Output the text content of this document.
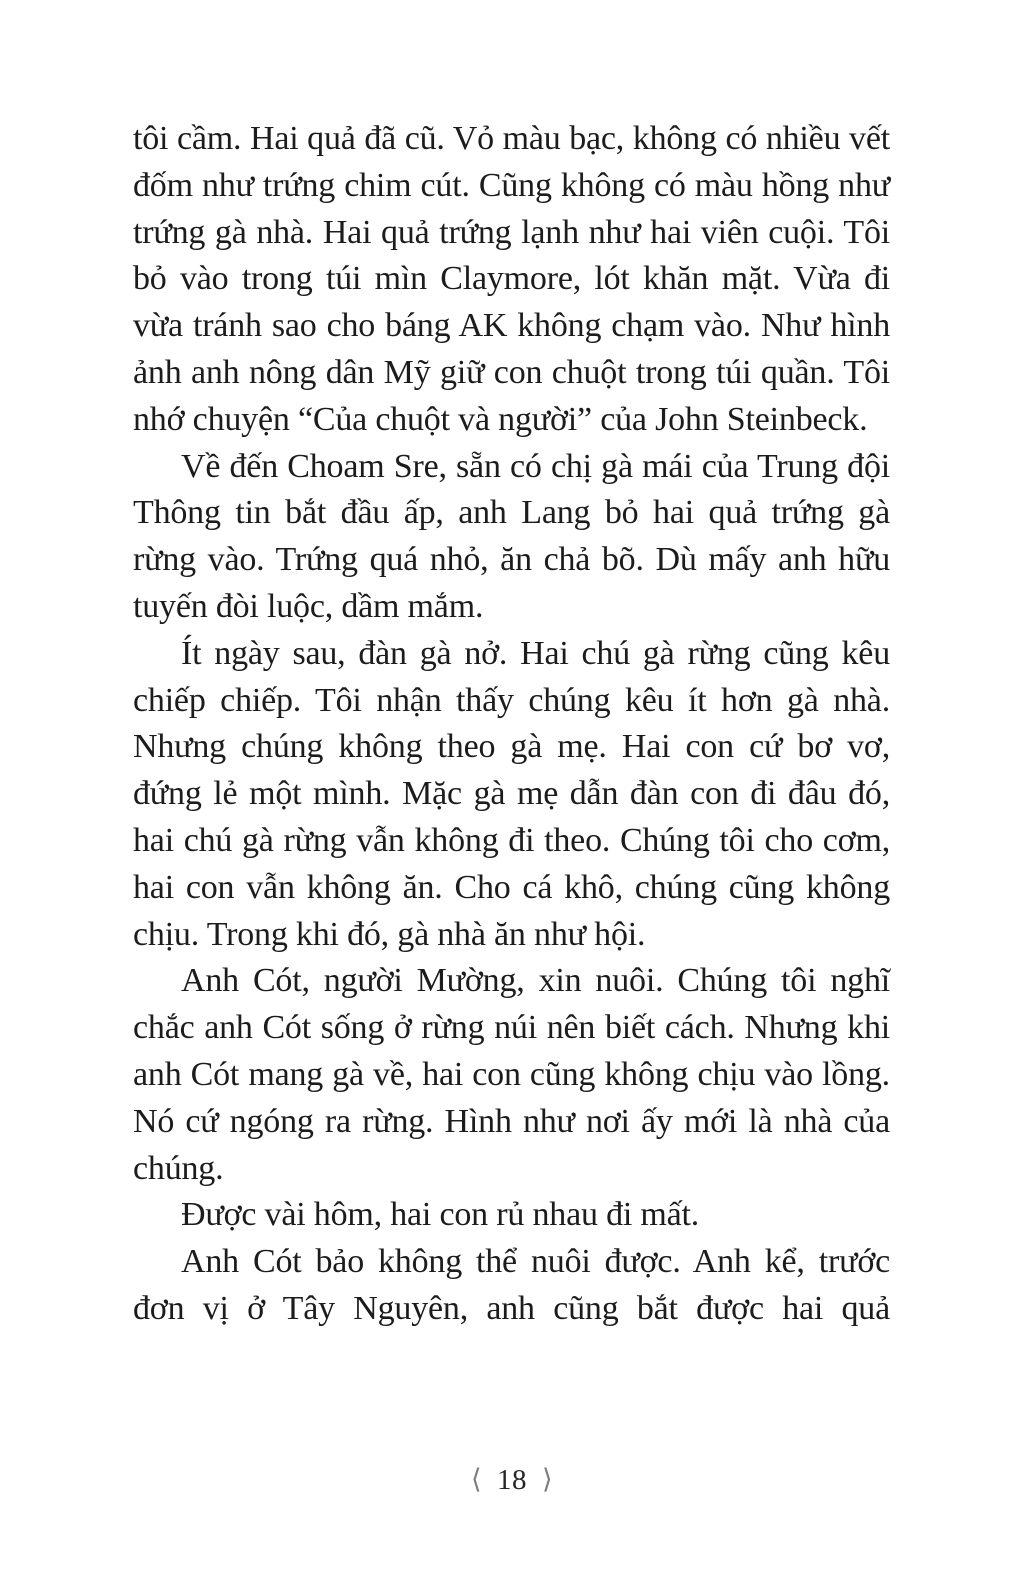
tôi cầm. Hai quả đã cũ. Vỏ màu bạc, không có nhiều vết đốm như trứng chim cút. Cũng không có màu hồng như trứng gà nhà. Hai quả trứng lạnh như hai viên cuội. Tôi bỏ vào trong túi mìn Claymore, lót khăn mặt. Vừa đi vừa tránh sao cho báng AK không chạm vào. Như hình ảnh anh nông dân Mỹ giữ con chuột trong túi quần. Tôi nhớ chuyện “Của chuột và người” của John Steinbeck.

Về đến Choam Sre, sẵn có chị gà mái của Trung đội Thông tin bắt đầu ấp, anh Lang bỏ hai quả trứng gà rừng vào. Trứng quá nhỏ, ăn chả bõ. Dù mấy anh hữu tuyến đòi luộc, dầm mắm.

Ít ngày sau, đàn gà nở. Hai chú gà rừng cũng kêu chiếp chiếp. Tôi nhận thấy chúng kêu ít hơn gà nhà. Nhưng chúng không theo gà mẹ. Hai con cứ bơ vơ, đứng lẻ một mình. Mặc gà mẹ dẫn đàn con đi đâu đó, hai chú gà rừng vẫn không đi theo. Chúng tôi cho cơm, hai con vẫn không ăn. Cho cá khô, chúng cũng không chịu. Trong khi đó, gà nhà ăn như hội.

Anh Cót, người Mường, xin nuôi. Chúng tôi nghĩ chắc anh Cót sống ở rừng núi nên biết cách. Nhưng khi anh Cót mang gà về, hai con cũng không chịu vào lồng. Nó cứ ngóng ra rừng. Hình như nơi ấy mới là nhà của chúng.

Được vài hôm, hai con rủ nhau đi mất.

Anh Cót bảo không thể nuôi được. Anh kể, trước đơn vị ở Tây Nguyên, anh cũng bắt được hai quả

⟨ 18 ⟩
